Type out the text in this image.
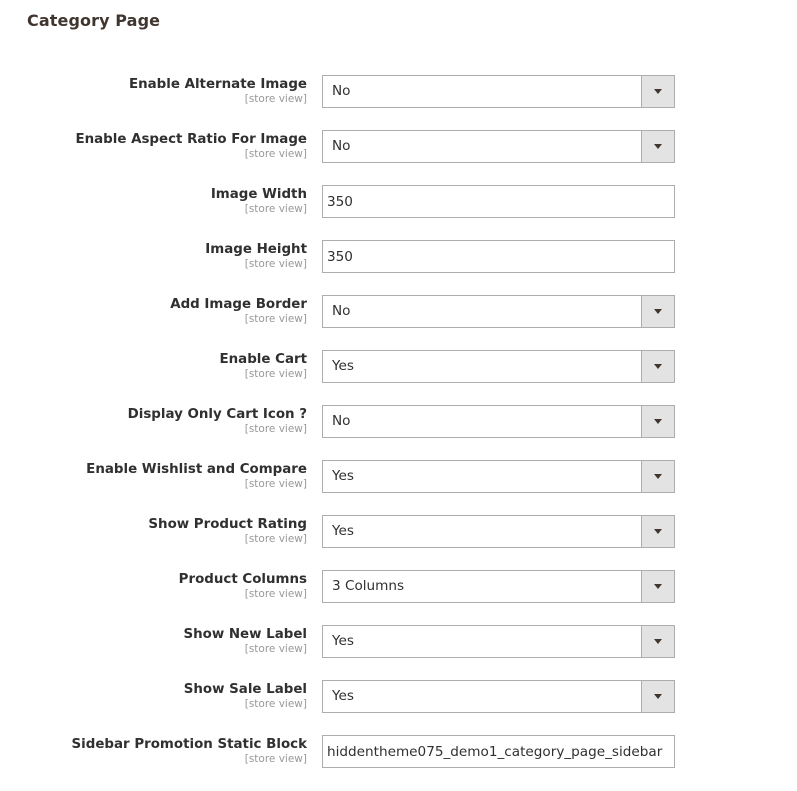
Category Page
Enable Alternate Image
[store view] No
Enable Aspect Ratio For Image
[store view] No
Image Width
[store view]
350
Image Height
[store view]
350
Add Image Border
[store view] No
Enable Cart
[store view] Yes
Display Only Cart Icon ?
[store view] No
Enable Wishlist and Compare
[store view] Yes
Show Product Rating
[store view] Yes
Product Columns
[store view] 3 Columns
Show New Label
[store view] Yes
Show Sale Label
[store view] Yes
Sidebar Promotion Static Block
[store view]
hiddentheme075_demo1_category_page_sidebar
